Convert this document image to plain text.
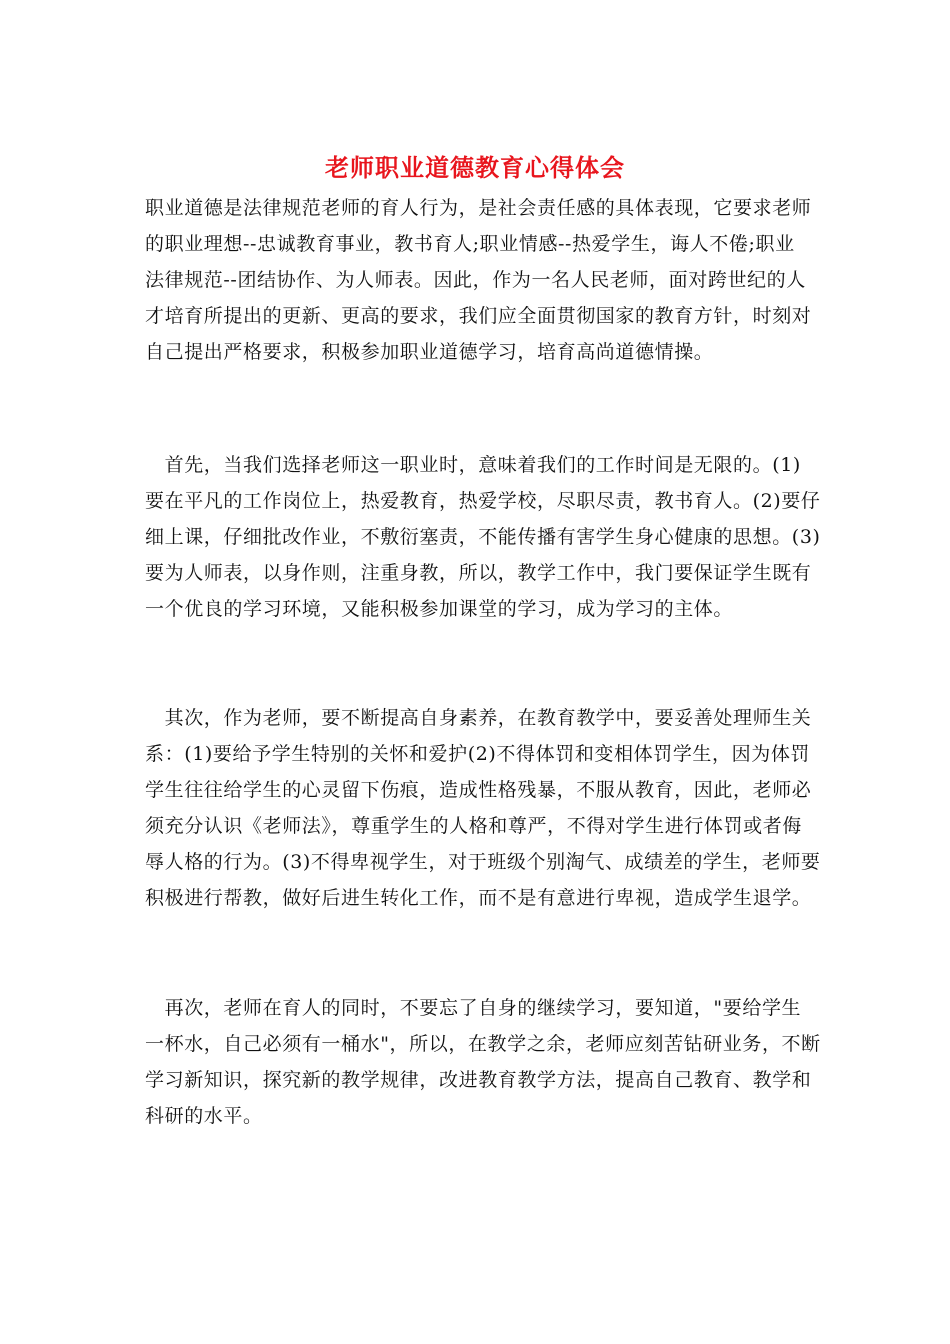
老师职业道德教育心得体会
职业道德是法律规范老师的育人行为，是社会责任感的具体表现，它要求老师
的职业理想--忠诚教育事业，教书育人;职业情感--热爱学生，诲人不倦;职业
法律规范--团结协作、为人师表。因此，作为一名人民老师，面对跨世纪的人
才培育所提出的更新、更高的要求，我们应全面贯彻国家的教育方针，时刻对
自己提出严格要求，积极参加职业道德学习，培育高尚道德情操。
　首先，当我们选择老师这一职业时，意味着我们的工作时间是无限的。(1)
要在平凡的工作岗位上，热爱教育，热爱学校，尽职尽责，教书育人。(2)要仔
细上课，仔细批改作业，不敷衍塞责，不能传播有害学生身心健康的思想。(3)
要为人师表，以身作则，注重身教，所以，教学工作中，我门要保证学生既有
一个优良的学习环境，又能积极参加课堂的学习，成为学习的主体。
　其次，作为老师，要不断提高自身素养，在教育教学中，要妥善处理师生关
系：(1)要给予学生特别的关怀和爱护(2)不得体罚和变相体罚学生，因为体罚
学生往往给学生的心灵留下伤痕，造成性格残暴，不服从教育，因此，老师必
须充分认识《老师法》，尊重学生的人格和尊严，不得对学生进行体罚或者侮
辱人格的行为。(3)不得卑视学生，对于班级个别淘气、成绩差的学生，老师要
积极进行帮教，做好后进生转化工作，而不是有意进行卑视，造成学生退学。
　再次，老师在育人的同时，不要忘了自身的继续学习，要知道，"要给学生
一杯水，自己必须有一桶水"，所以，在教学之余，老师应刻苦钻研业务，不断
学习新知识，探究新的教学规律，改进教育教学方法，提高自己教育、教学和
科研的水平。
